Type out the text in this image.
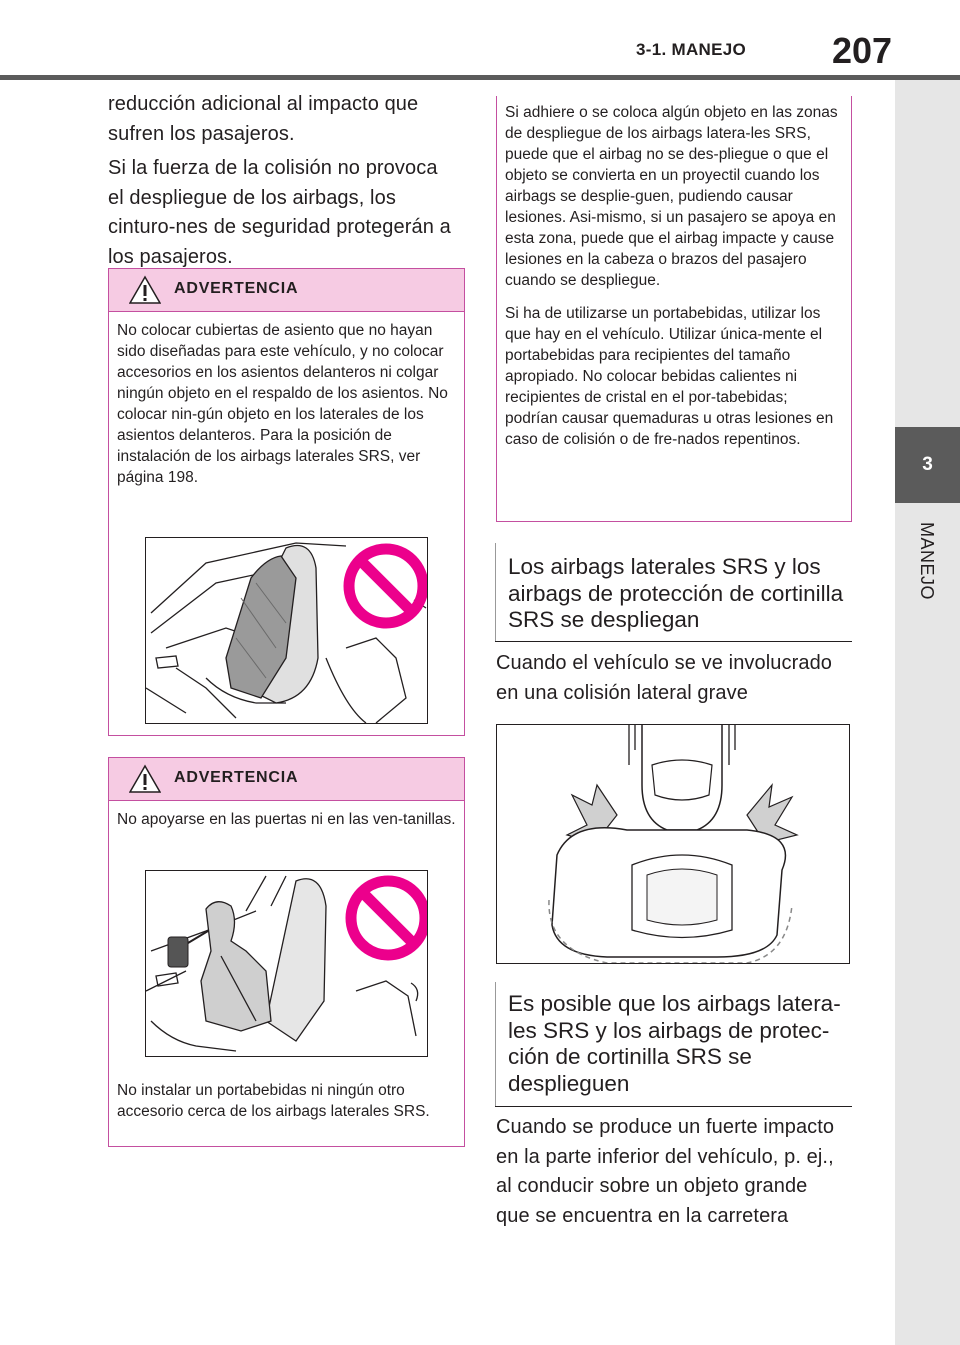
3-1. MANEJO 207
3
MANEJO

reducción adicional al impacto que sufren los pasajeros.

Si la fuerza de la colisión no provoca el despliegue de los airbags, los cinturo-nes de seguridad protegerán a los pasajeros.

ADVERTENCIA

No colocar cubiertas de asiento que no hayan sido diseñadas para este vehículo, y no colocar accesorios en los asientos delanteros ni colgar ningún objeto en el respaldo de los asientos. No colocar nin-gún objeto en los laterales de los asientos delanteros. Para la posición de instalación de los airbags laterales SRS, ver página 198.

ADVERTENCIA

No apoyarse en las puertas ni en las ven-tanillas.

No instalar un portabebidas ni ningún otro accesorio cerca de los airbags laterales SRS.

Si adhiere o se coloca algún objeto en las zonas de despliegue de los airbags latera-les SRS, puede que el airbag no se des-pliegue o que el objeto se convierta en un proyectil cuando los airbags se desplie-guen, pudiendo causar lesiones. Asi-mismo, si un pasajero se apoya en esta zona, puede que el airbag impacte y cause lesiones en la cabeza o brazos del pasajero cuando se despliegue.

Si ha de utilizarse un portabebidas, utilizar los que hay en el vehículo. Utilizar única-mente el portabebidas para recipientes del tamaño apropiado. No colocar bebidas calientes ni recipientes de cristal en el por-tabebidas; podrían causar quemaduras u otras lesiones en caso de colisión o de fre-nados repentinos.

Los airbags laterales SRS y los airbags de protección de cortinilla SRS se despliegan

Cuando el vehículo se ve involucrado en una colisión lateral grave

Es posible que los airbags latera-les SRS y los airbags de protec-ción de cortinilla SRS se desplieguen

Cuando se produce un fuerte impacto en la parte inferior del vehículo, p. ej., al conducir sobre un objeto grande que se encuentra en la carretera
